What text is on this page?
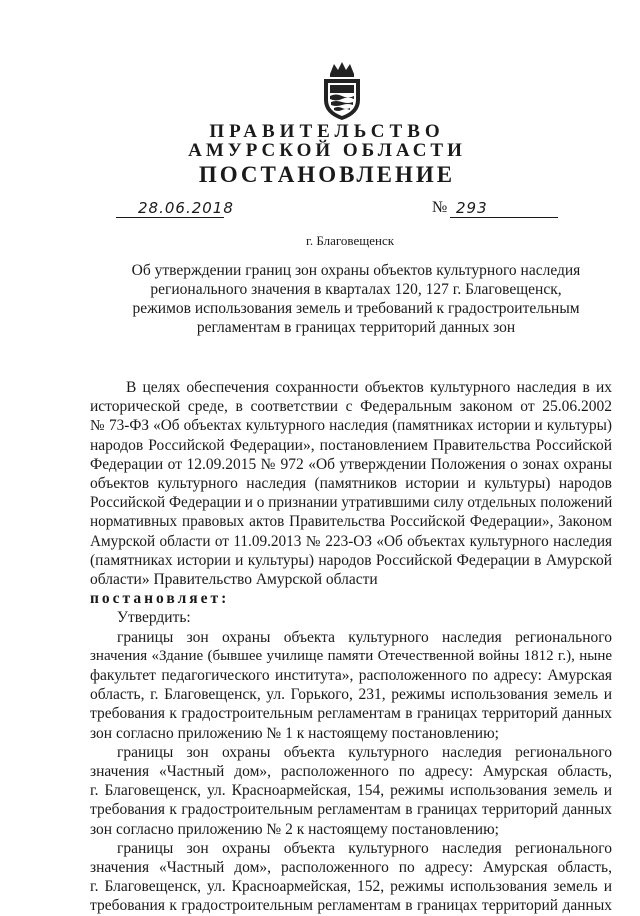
ПРАВИТЕЛЬСТВО
АМУРСКОЙ ОБЛАСТИ
ПОСТАНОВЛЕНИЕ
28.06.2018	№ 293
г. Благовещенск
Об утверждении границ зон охраны объектов культурного наследия
регионального значения в кварталах 120, 127 г. Благовещенск,
режимов использования земель и требований к градостроительным
регламентам в границах территорий данных зон
В целях обеспечения сохранности объектов культурного наследия в их
исторической среде, в соответствии с Федеральным законом от 25.06.2002
№ 73-ФЗ «Об объектах культурного наследия (памятниках истории и культуры)
народов Российской Федерации», постановлением Правительства Российской
Федерации от 12.09.2015 № 972 «Об утверждении Положения о зонах охраны
объектов культурного наследия (памятников истории и культуры) народов
Российской Федерации и о признании утратившими силу отдельных положений
нормативных правовых актов Правительства Российской Федерации», Законом
Амурской области от 11.09.2013 № 223-ОЗ «Об объектах культурного наследия
(памятниках истории и культуры) народов Российской Федерации в Амурской
области» Правительство Амурской области
постановляет:
Утвердить:
границы зон охраны объекта культурного наследия регионального
значения «Здание (бывшее училище памяти Отечественной войны 1812 г.), ныне
факультет педагогического института», расположенного по адресу: Амурская
область, г. Благовещенск, ул. Горького, 231, режимы использования земель и
требования к градостроительным регламентам в границах территорий данных
зон согласно приложению № 1 к настоящему постановлению;
границы зон охраны объекта культурного наследия регионального
значения «Частный дом», расположенного по адресу: Амурская область,
г. Благовещенск, ул. Красноармейская, 154, режимы использования земель и
требования к градостроительным регламентам в границах территорий данных
зон согласно приложению № 2 к настоящему постановлению;
границы зон охраны объекта культурного наследия регионального
значения «Частный дом», расположенного по адресу: Амурская область,
г. Благовещенск, ул. Красноармейская, 152, режимы использования земель и
требования к градостроительным регламентам в границах территорий данных
